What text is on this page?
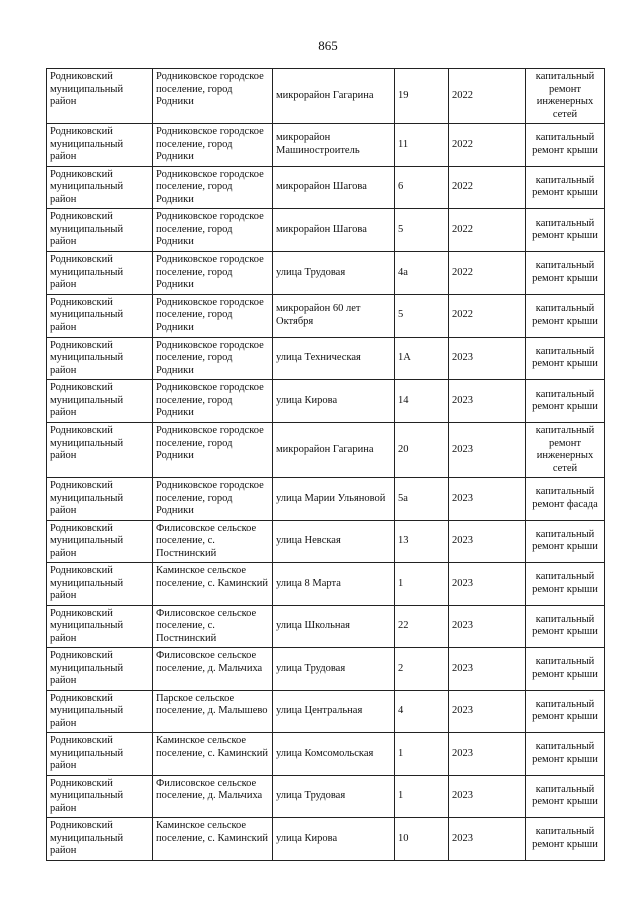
865
Родниковский муниципальный район	Родниковское городское поселение, город Родники	микрорайон Гагарина	19	2022	капитальный ремонт инженерных сетей
Родниковский муниципальный район	Родниковское городское поселение, город Родники	микрорайон Машиностроитель	11	2022	капитальный ремонт крыши
Родниковский муниципальный район	Родниковское городское поселение, город Родники	микрорайон Шагова	6	2022	капитальный ремонт крыши
Родниковский муниципальный район	Родниковское городское поселение, город Родники	микрорайон Шагова	5	2022	капитальный ремонт крыши
Родниковский муниципальный район	Родниковское городское поселение, город Родники	улица Трудовая	4а	2022	капитальный ремонт крыши
Родниковский муниципальный район	Родниковское городское поселение, город Родники	микрорайон 60 лет Октября	5	2022	капитальный ремонт крыши
Родниковский муниципальный район	Родниковское городское поселение, город Родники	улица Техническая	1А	2023	капитальный ремонт крыши
Родниковский муниципальный район	Родниковское городское поселение, город Родники	улица Кирова	14	2023	капитальный ремонт крыши
Родниковский муниципальный район	Родниковское городское поселение, город Родники	микрорайон Гагарина	20	2023	капитальный ремонт инженерных сетей
Родниковский муниципальный район	Родниковское городское поселение, город Родники	улица Марии Ульяновой	5а	2023	капитальный ремонт фасада
Родниковский муниципальный район	Филисовское сельское поселение, с. Постнинский	улица Невская	13	2023	капитальный ремонт крыши
Родниковский муниципальный район	Каминское сельское поселение, с. Каминский	улица 8 Марта	1	2023	капитальный ремонт крыши
Родниковский муниципальный район	Филисовское сельское поселение, с. Постнинский	улица Школьная	22	2023	капитальный ремонт крыши
Родниковский муниципальный район	Филисовское сельское поселение, д. Мальчиха	улица Трудовая	2	2023	капитальный ремонт крыши
Родниковский муниципальный район	Парское сельское поселение, д. Малышево	улица Центральная	4	2023	капитальный ремонт крыши
Родниковский муниципальный район	Каминское сельское поселение, с. Каминский	улица Комсомольская	1	2023	капитальный ремонт крыши
Родниковский муниципальный район	Филисовское сельское поселение, д. Мальчиха	улица Трудовая	1	2023	капитальный ремонт крыши
Родниковский муниципальный район	Каминское сельское поселение, с. Каминский	улица Кирова	10	2023	капитальный ремонт крыши
